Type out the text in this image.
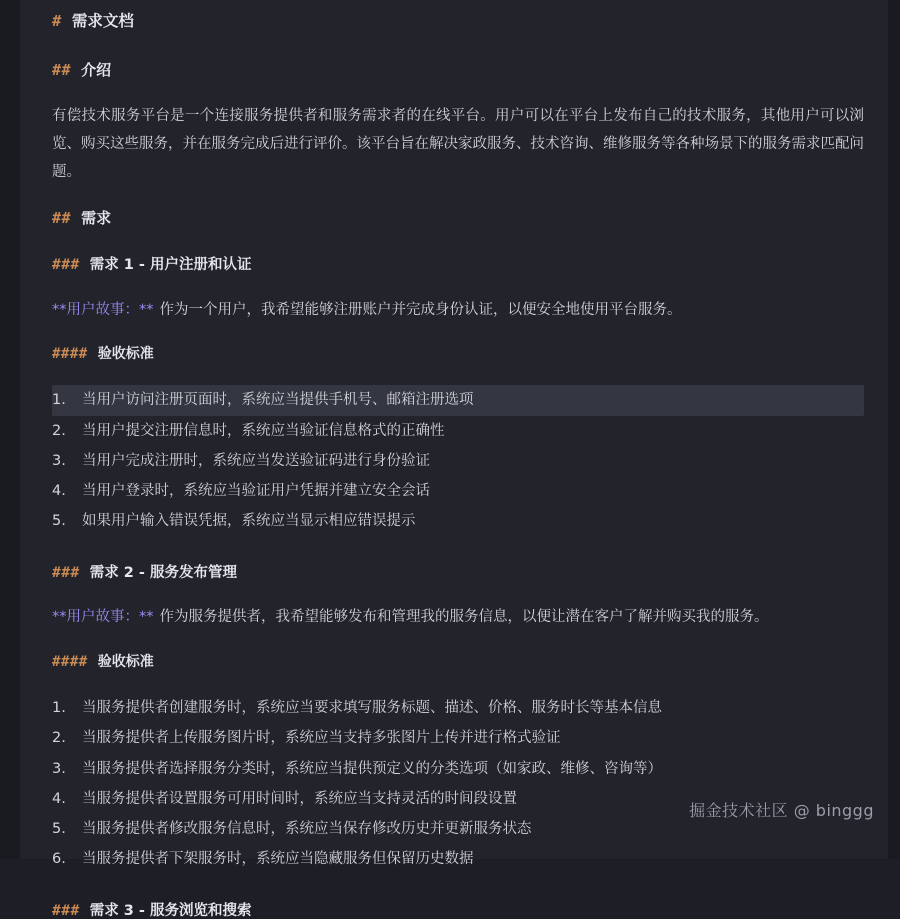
# 需求文档
## 介绍

有偿技术服务平台是一个连接服务提供者和服务需求者的在线平台。用户可以在平台上发布自己的技术服务，其他用户可以浏览、购买这些服务，并在服务完成后进行评价。该平台旨在解决家政服务、技术咨询、维修服务等各种场景下的服务需求匹配问题。

## 需求
### 需求 1 - 用户注册和认证

**用户故事：** 作为一个用户，我希望能够注册账户并完成身份认证，以便安全地使用平台服务。

#### 验收标准
1.	当用户访问注册页面时，系统应当提供手机号、邮箱注册选项
2.	当用户提交注册信息时，系统应当验证信息格式的正确性
3.	当用户完成注册时，系统应当发送验证码进行身份验证
4.	当用户登录时，系统应当验证用户凭据并建立安全会话
5.	如果用户输入错误凭据，系统应当显示相应错误提示
### 需求 2 - 服务发布管理

**用户故事：** 作为服务提供者，我希望能够发布和管理我的服务信息，以便让潜在客户了解并购买我的服务。

#### 验收标准
1.	当服务提供者创建服务时，系统应当要求填写服务标题、描述、价格、服务时长等基本信息
2.	当服务提供者上传服务图片时，系统应当支持多张图片上传并进行格式验证
3.	当服务提供者选择服务分类时，系统应当提供预定义的分类选项（如家政、维修、咨询等）
4.	当服务提供者设置服务可用时间时，系统应当支持灵活的时间段设置
5.	当服务提供者修改服务信息时，系统应当保存修改历史并更新服务状态
6.	当服务提供者下架服务时，系统应当隐藏服务但保留历史数据
### 需求 3 - 服务浏览和搜索
掘金技术社区 @ binggg
